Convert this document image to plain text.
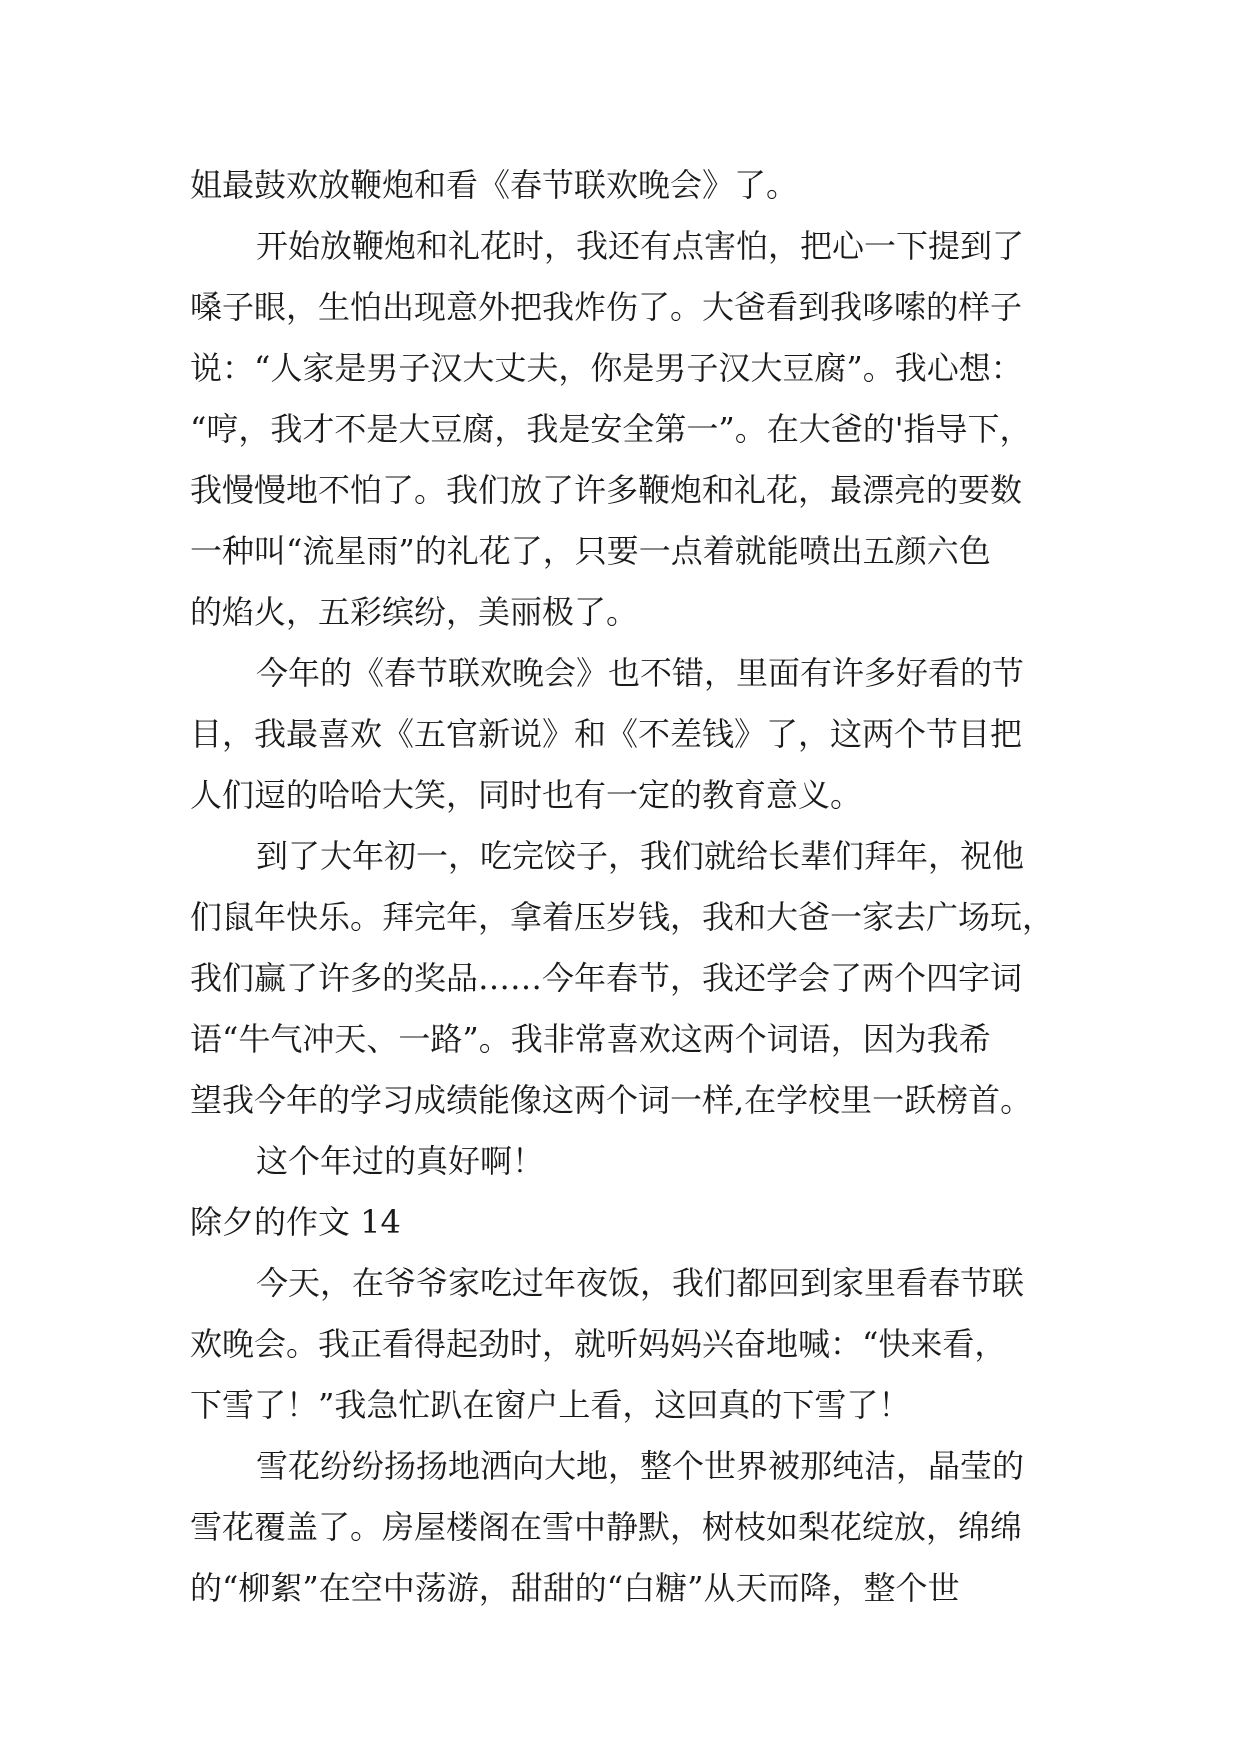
姐最鼓欢放鞭炮和看《春节联欢晚会》了。
开始放鞭炮和礼花时，我还有点害怕，把心一下提到了
嗓子眼，生怕出现意外把我炸伤了。大爸看到我哆嗦的样子
说：“人家是男子汉大丈夫，你是男子汉大豆腐”。我心想：
“哼，我才不是大豆腐，我是安全第一”。在大爸的'指导下，
我慢慢地不怕了。我们放了许多鞭炮和礼花，最漂亮的要数
一种叫“流星雨”的礼花了，只要一点着就能喷出五颜六色
的焰火，五彩缤纷，美丽极了。
今年的《春节联欢晚会》也不错，里面有许多好看的节
目，我最喜欢《五官新说》和《不差钱》了，这两个节目把
人们逗的哈哈大笑，同时也有一定的教育意义。
到了大年初一，吃完饺子，我们就给长辈们拜年，祝他
们鼠年快乐。拜完年，拿着压岁钱，我和大爸一家去广场玩，
我们赢了许多的奖品……今年春节，我还学会了两个四字词
语“牛气冲天、一路”。我非常喜欢这两个词语，因为我希
望我今年的学习成绩能像这两个词一样,在学校里一跃榜首。
这个年过的真好啊！
除夕的作文 14
今天，在爷爷家吃过年夜饭，我们都回到家里看春节联
欢晚会。我正看得起劲时，就听妈妈兴奋地喊：“快来看，
下雪了！”我急忙趴在窗户上看，这回真的下雪了！
雪花纷纷扬扬地洒向大地，整个世界被那纯洁，晶莹的
雪花覆盖了。房屋楼阁在雪中静默，树枝如梨花绽放，绵绵
的“柳絮”在空中荡游，甜甜的“白糖”从天而降，整个世
